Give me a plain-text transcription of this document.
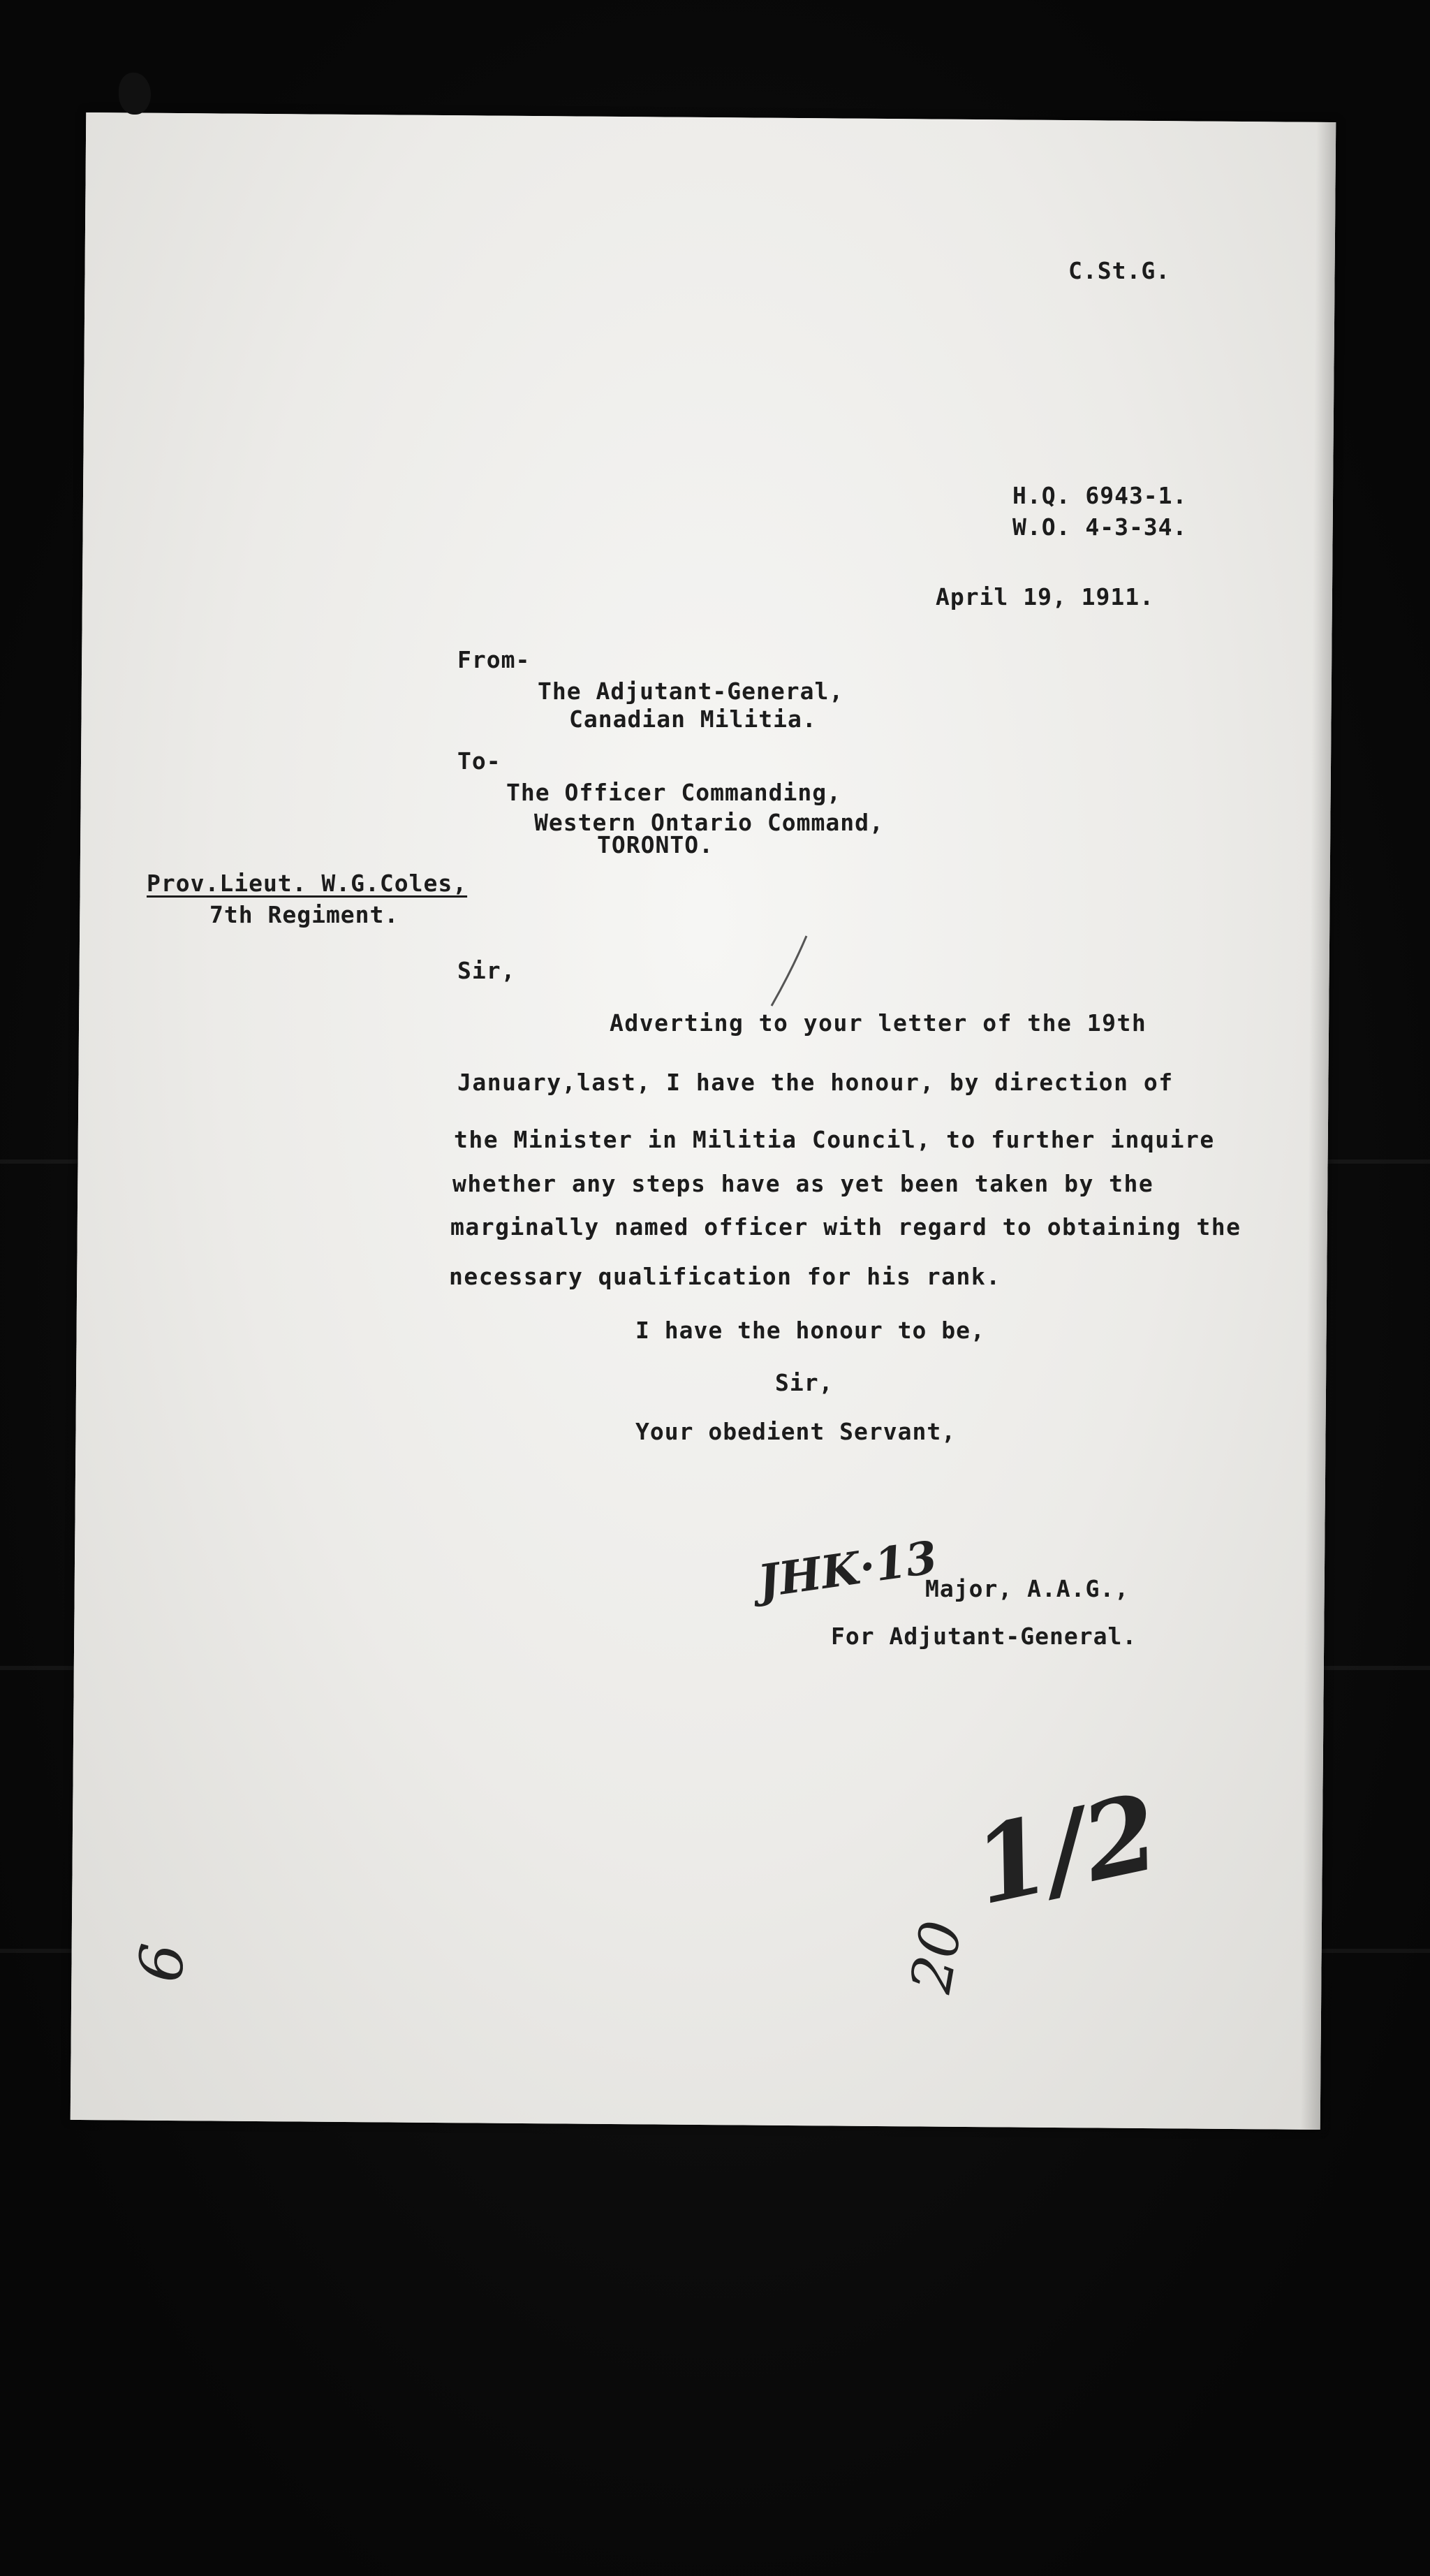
C.St.G.

H.Q. 6943-1.

W.O. 4-3-34.

April 19, 1911.

From-

The Adjutant-General,

Canadian Militia.

To-

The Officer Commanding,

Western Ontario Command,

TORONTO.

Prov.Lieut. W.G.Coles,

7th Regiment.

Sir,

Adverting to your letter of the 19th

January,last, I have the honour, by direction of

the Minister in Militia Council, to further inquire

whether any steps have as yet been taken by the

marginally named officer with regard to obtaining the

necessary qualification for his rank.

I have the honour to be,

Sir,

Your obedient Servant,

JHK·13

Major, A.A.G.,

For Adjutant-General.

1/2

6	20
